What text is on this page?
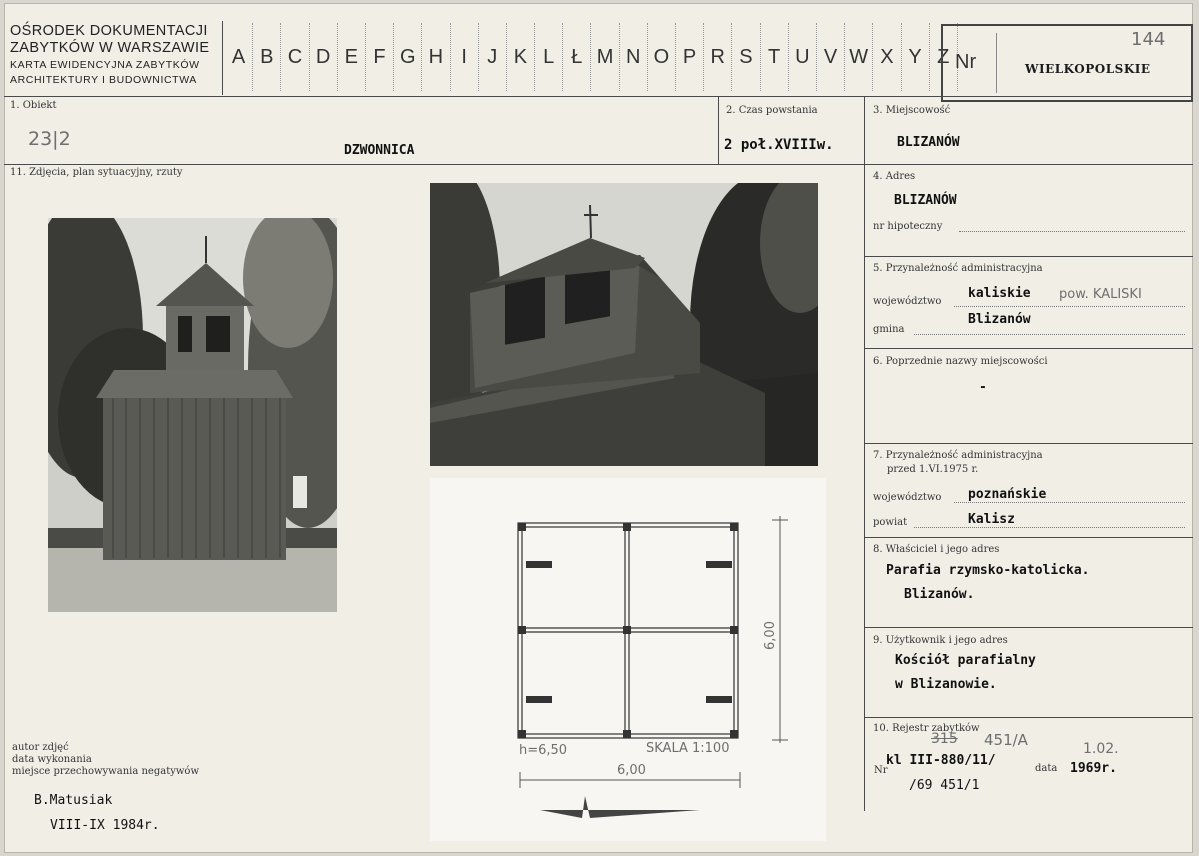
OŚRODEK DOKUMENTACJI
ZABYTKÓW W WARSZAWIE
KARTA EWIDENCYJNA ZABYTKÓW
ARCHITEKTURY I BUDOWNICTWA
A B C D E F G H I	J K L Ł M N O P R S T U V W X Y Z Nr
144
WIELKOPOLSKIE
1. Obiekt
23|2
DZWONNICA
2. Czas powstania
2 poł.XVIIIw.
3. Miejscowość
BLIZANÓW
11. Zdjęcia, plan sytuacyjny, rzuty
h=6,50	SKALA 1:100
6,00
6,00
autor zdjęć
data wykonania
miejsce przechowywania negatywów
B.Matusiak
VIII-IX 1984r.
4. Adres
BLIZANÓW
nr hipoteczny
5. Przynależność administracyjna
województwo
kaliskie pow. KALISKI
gmina
Blizanów
6. Poprzednie nazwy miejscowości
-
7. Przynależność administracyjna
przed 1.VI.1975 r.
województwo poznańskie
powiat	Kalisz
8. Właściciel i jego adres
Parafia rzymsko-katolicka.
Blizanów.
9. Użytkownik i jego adres
Kościół parafialny
w Blizanowie.
10. Rejestr zabytków
315 451/A
Nr
kl III-880/11/
/69 451/1
data
1.02.
1969r.
